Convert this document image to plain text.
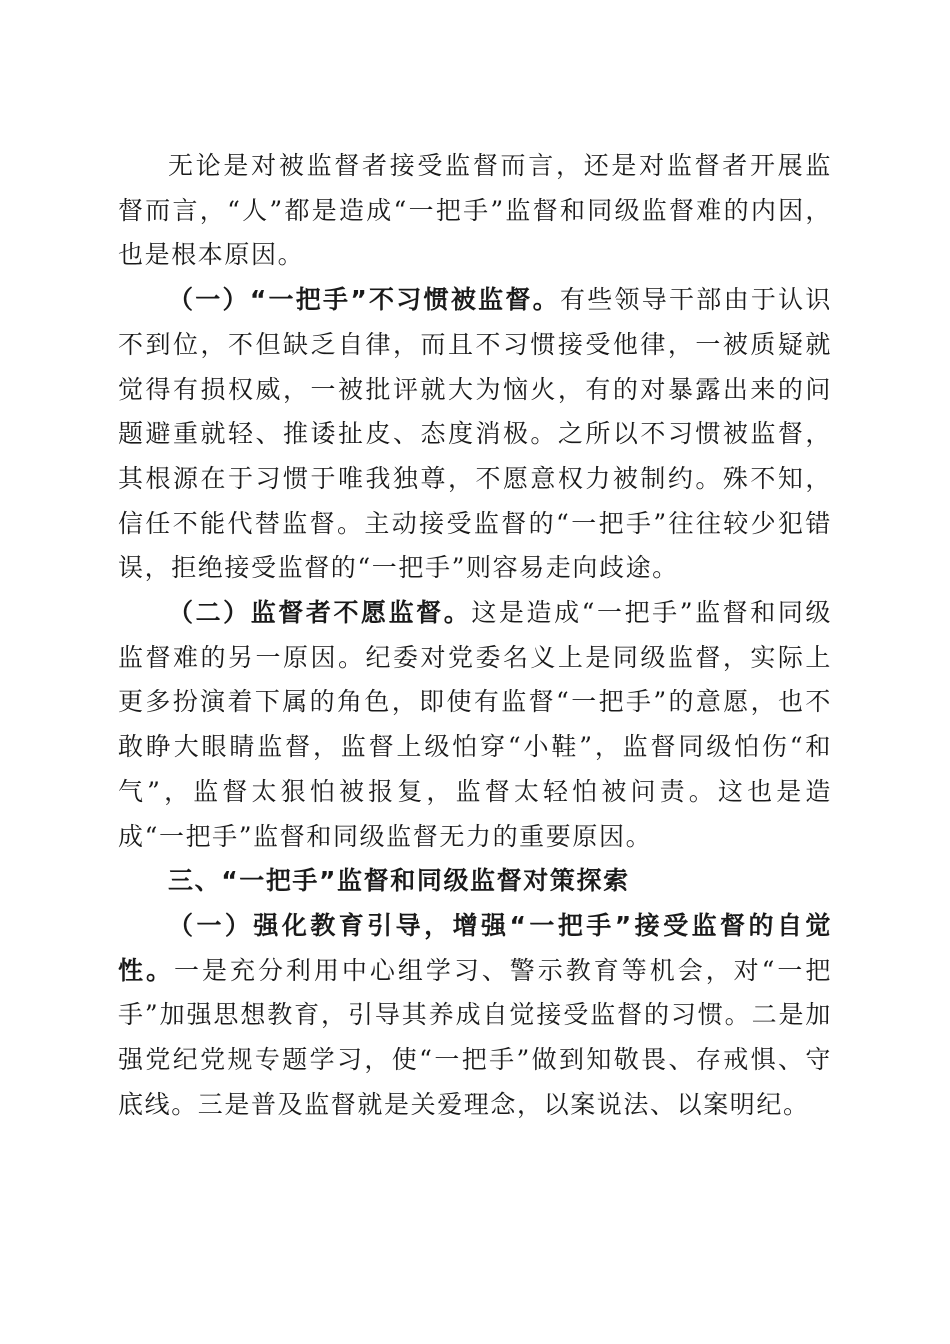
无论是对被监督者接受监督而言，还是对监督者开展监督而言，“人”都是造成“一把手”监督和同级监督难的内因，也是根本原因。

（一）“一把手”不习惯被监督。有些领导干部由于认识不到位，不但缺乏自律，而且不习惯接受他律，一被质疑就觉得有损权威，一被批评就大为恼火，有的对暴露出来的问题避重就轻、推诿扯皮、态度消极。之所以不习惯被监督，其根源在于习惯于唯我独尊，不愿意权力被制约。殊不知，信任不能代替监督。主动接受监督的“一把手”往往较少犯错误，拒绝接受监督的“一把手”则容易走向歧途。

（二）监督者不愿监督。这是造成“一把手”监督和同级监督难的另一原因。纪委对党委名义上是同级监督，实际上更多扮演着下属的角色，即使有监督“一把手”的意愿，也不敢睁大眼睛监督，监督上级怕穿“小鞋”，监督同级怕伤“和气”，监督太狠怕被报复，监督太轻怕被问责。这也是造成“一把手”监督和同级监督无力的重要原因。

三、“一把手”监督和同级监督对策探索

（一）强化教育引导，增强“一把手”接受监督的自觉性。一是充分利用中心组学习、警示教育等机会，对“一把手”加强思想教育，引导其养成自觉接受监督的习惯。二是加强党纪党规专题学习，使“一把手”做到知敬畏、存戒惧、守底线。三是普及监督就是关爱理念，以案说法、以案明纪。
